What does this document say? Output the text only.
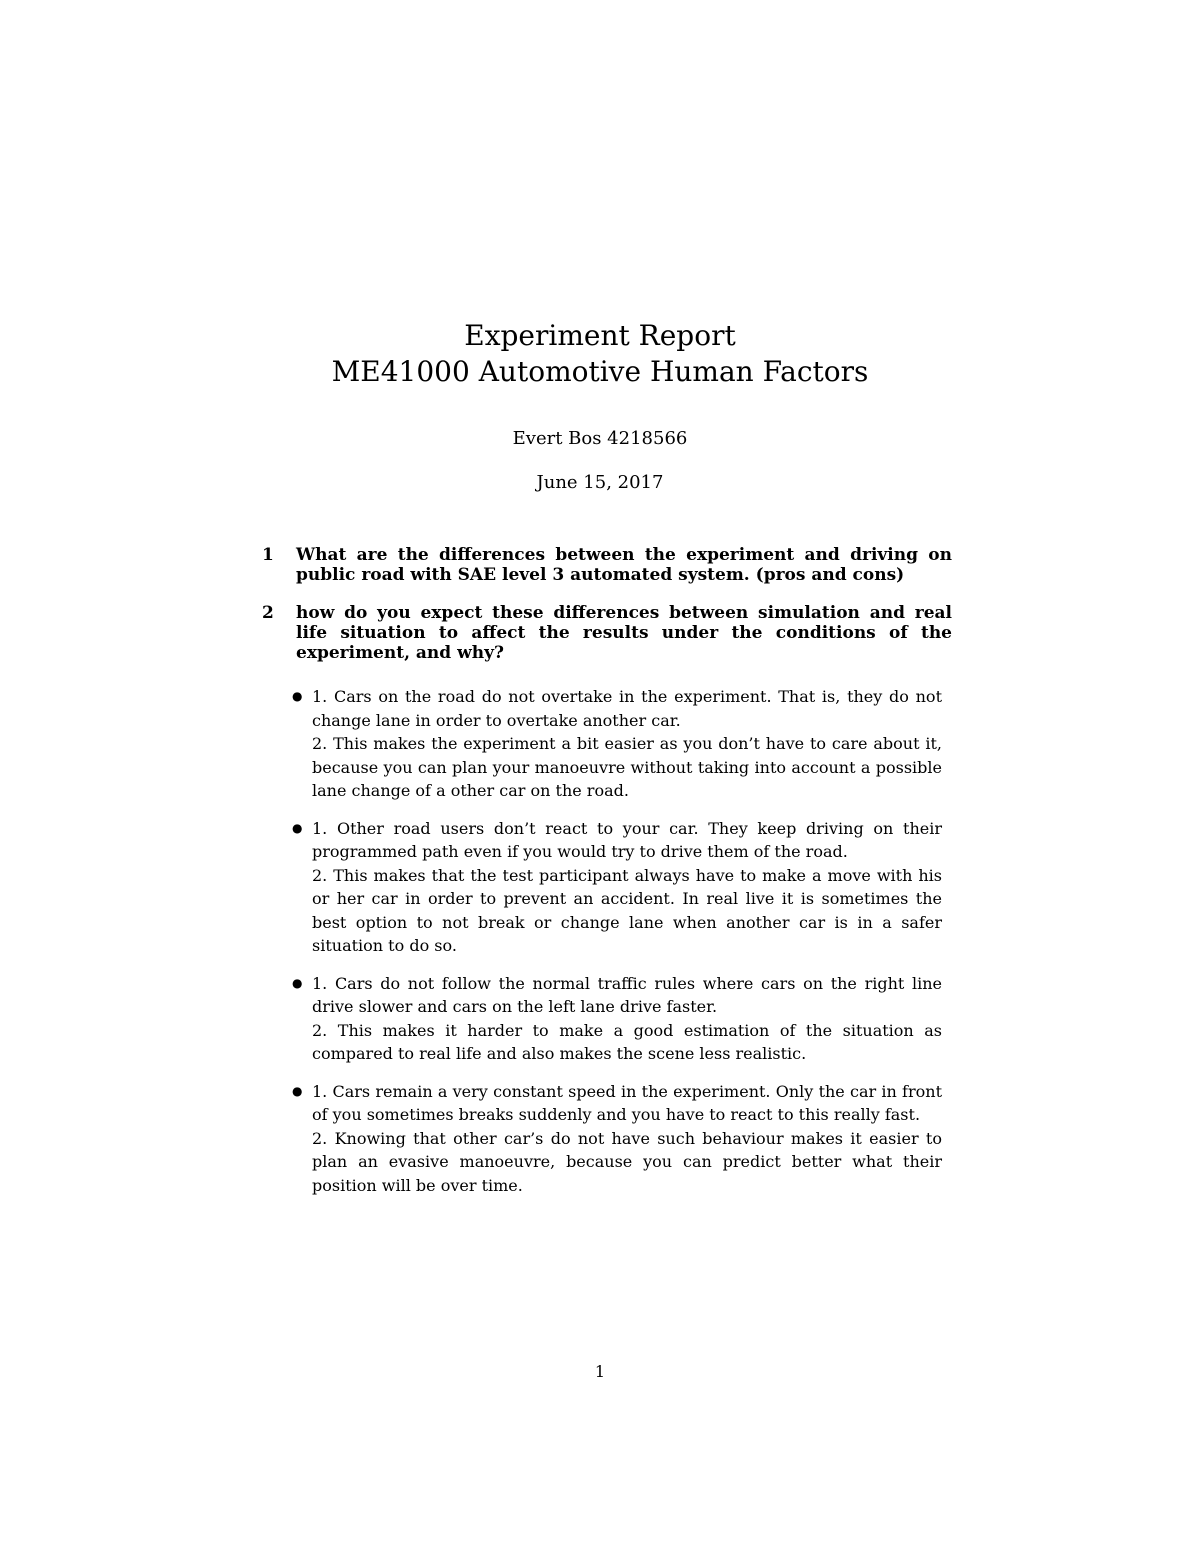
Experiment Report
ME41000 Automotive Human Factors
Evert Bos 4218566
June 15, 2017
1	What are the differences between the experiment and driving on public road with SAE level 3 automated system. (pros and cons)
2	how do you expect these differences between simulation and real life situation to affect the results under the conditions of the experiment, and why?
● 1. Cars on the road do not overtake in the experiment. That is, they do not change lane in order to overtake another car.

2. This makes the experiment a bit easier as you don’t have to care about it, because you can plan your manoeuvre without taking into account a possible lane change of a other car on the road.

● 1. Other road users don’t react to your car. They keep driving on their programmed path even if you would try to drive them of the road.

2. This makes that the test participant always have to make a move with his or her car in order to prevent an accident. In real live it is sometimes the best option to not break or change lane when another car is in a safer situation to do so.

● 1. Cars do not follow the normal traffic rules where cars on the right line drive slower and cars on the left lane drive faster.

2. This makes it harder to make a good estimation of the situation as compared to real life and also makes the scene less realistic.

● 1. Cars remain a very constant speed in the experiment. Only the car in front of you sometimes breaks suddenly and you have to react to this really fast.

2. Knowing that other car’s do not have such behaviour makes it easier to plan an evasive manoeuvre, because you can predict better what their position will be over time.

1
